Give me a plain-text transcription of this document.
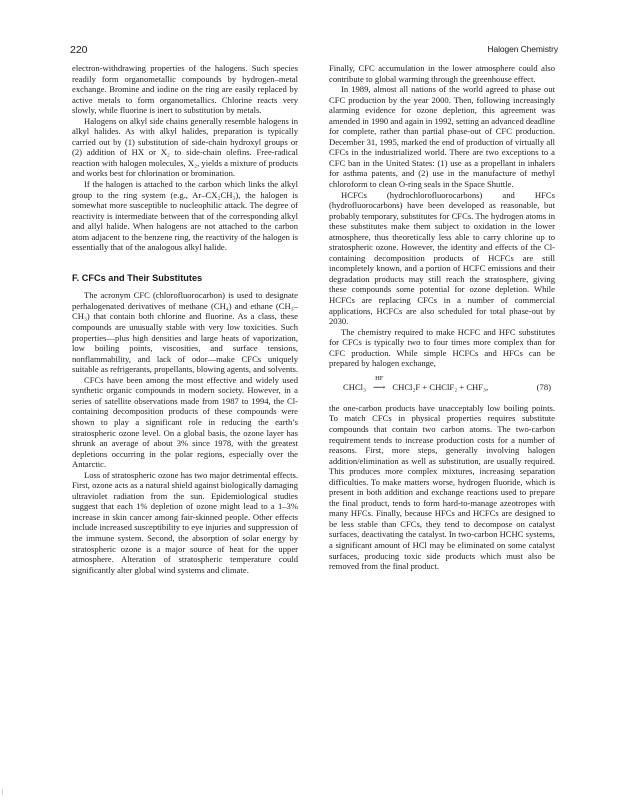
220	Halogen Chemistry

electron-withdrawing properties of the halogens. Such species readily form organometallic compounds by hydrogen–metal exchange. Bromine and iodine on the ring are easily replaced by active metals to form organometallics. Chlorine reacts very slowly, while fluorine is inert to substitution by metals.

Halogens on alkyl side chains generally resemble halogens in alkyl halides. As with alkyl halides, preparation is typically carried out by (1) substitution of side-chain hydroxyl groups or (2) addition of HX or X₂ to side-chain olefins. Free-radical reaction with halogen molecules, X₂, yields a mixture of products and works best for chlorination or bromination.

If the halogen is attached to the carbon which links the alkyl group to the ring system (e.g., Ar–CX₂CH₃), the halogen is somewhat more susceptible to nucleophilic attack. The degree of reactivity is intermediate between that of the corresponding alkyl and allyl halide. When halogens are not attached to the carbon atom adjacent to the benzene ring, the reactivity of the halogen is essentially that of the analogous alkyl halide.

F. CFCs and Their Substitutes

The acronym CFC (chlorofluorocarbon) is used to designate perhalogenated derivatives of methane (CH₄) and ethane (CH₃–CH₃) that contain both chlorine and fluorine. As a class, these compounds are unusually stable with very low toxicities. Such properties—plus high densities and large heats of vaporization, low boiling points, viscosities, and surface tensions, nonflammability, and lack of odor—make CFCs uniquely suitable as refrigerants, propellants, blowing agents, and solvents.

CFCs have been among the most effective and widely used synthetic organic compounds in modern society. However, in a series of satellite observations made from 1987 to 1994, the Cl-containing decomposition products of these compounds were shown to play a significant role in reducing the earth’s stratospheric ozone level. On a global basis, the ozone layer has shrunk an average of about 3% since 1978, with the greatest depletions occurring in the polar regions, especially over the Antarctic.

Loss of stratospheric ozone has two major detrimental effects. First, ozone acts as a natural shield against biologically damaging ultraviolet radiation from the sun. Epidemiological studies suggest that each 1% depletion of ozone might lead to a 1–3% increase in skin cancer among fair-skinned people. Other effects include increased susceptibility to eye injuries and suppression of the immune system. Second, the absorption of solar energy by stratospheric ozone is a major source of heat for the upper atmosphere. Alteration of stratospheric temperature could significantly alter global wind systems and climate.

Finally, CFC accumulation in the lower atmosphere could also contribute to global warming through the greenhouse effect.

In 1989, almost all nations of the world agreed to phase out CFC production by the year 2000. Then, following increasingly alarming evidence for ozone depletion, this agreement was amended in 1990 and again in 1992, setting an advanced deadline for complete, rather than partial phase-out of CFC production. December 31, 1995, marked the end of production of virtually all CFCs in the industrialized world. There are two exceptions to a CFC ban in the United States: (1) use as a propellant in inhalers for asthma patents, and (2) use in the manufacture of methyl chloroform to clean O-ring seals in the Space Shuttle.

HCFCs (hydrochlorofluorocarbons) and HFCs (hydrofluorocarbons) have been developed as reasonable, but probably temporary, substitutes for CFCs. The hydrogen atoms in these substitutes make them subject to oxidation in the lower atmosphere, thus theoretically less able to carry chlorine up to stratospheric ozone. However, the identity and effects of the Cl-containing decomposition products of HCFCs are still incompletely known, and a portion of HCFC emissions and their degradation products may still reach the stratosphere, giving these compounds some potential for ozone depletion. While HCFCs are replacing CFCs in a number of commercial applications, HCFCs are also scheduled for total phase-out by 2030.

The chemistry required to make HCFC and HFC substitutes for CFCs is typically two to four times more complex than for CFC production. While simple HCFCs and HFCs can be prepared by halogen exchange,

CHCl₃
HF
⟶ CHCl₂F + CHClF₂ + CHF₃,	(78)

the one-carbon products have unacceptably low boiling points. To match CFCs in physical properties requires substitute compounds that contain two carbon atoms. The two-carbon requirement tends to increase production costs for a number of reasons. First, more steps, generally involving halogen addition/elimination as well as substitution, are usually required. This produces more complex mixtures, increasing separation difficulties. To make matters worse, hydrogen fluoride, which is present in both addition and exchange reactions used to prepare the final product, tends to form hard-to-manage azeotropes with many HFCs. Finally, because HFCs and HCFCs are designed to be less stable than CFCs, they tend to decompose on catalyst surfaces, deactivating the catalyst. In two-carbon HCHC systems, a significant amount of HCl may be eliminated on some catalyst surfaces, producing toxic side products which must also be removed from the final product.
